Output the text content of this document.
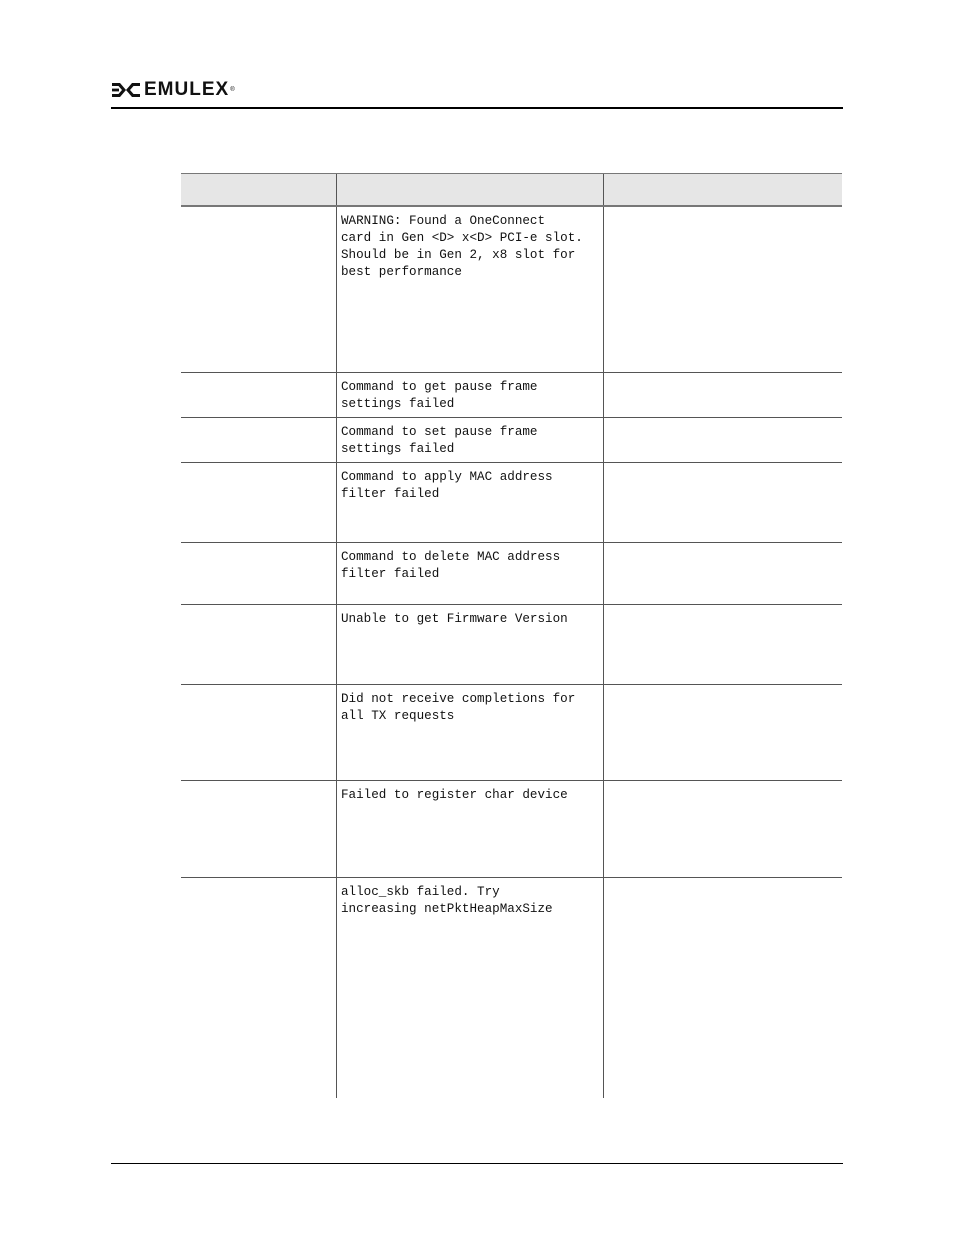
EMULEX ®
WARNING: Found a OneConnect
card in Gen <D> x<D> PCI-e slot.
Should be in Gen 2, x8 slot for
best performance
Command to get pause frame
settings failed
Command to set pause frame
settings failed
Command to apply MAC address
filter failed
Command to delete MAC address
filter failed
Unable to get Firmware Version
Did not receive completions for
all TX requests
Failed to register char device
alloc_skb failed. Try
increasing netPktHeapMaxSize
